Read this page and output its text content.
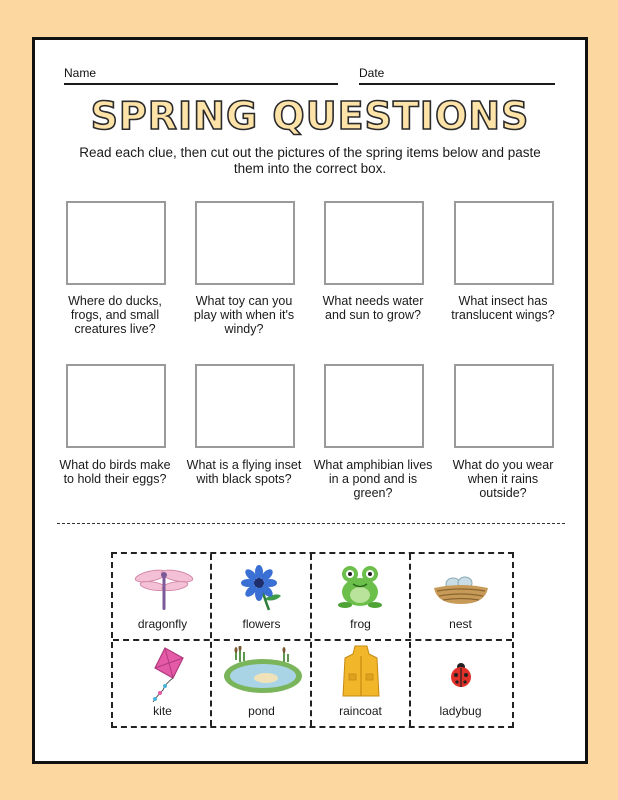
Name	Date
SPRING QUESTIONS
Read each clue, then cut out the pictures of the spring items below and paste them into the correct box.
Where do ducks, frogs, and small creatures live?
What toy can you play with when it's windy?
What needs water and sun to grow?
What insect has translucent wings?
What do birds make to hold their eggs?
What is a flying inset with black spots?
What amphibian lives in a pond and is green?
What do you wear when it rains outside?
dragonfly	flowers	frog	nest
kite	pond	raincoat	ladybug
